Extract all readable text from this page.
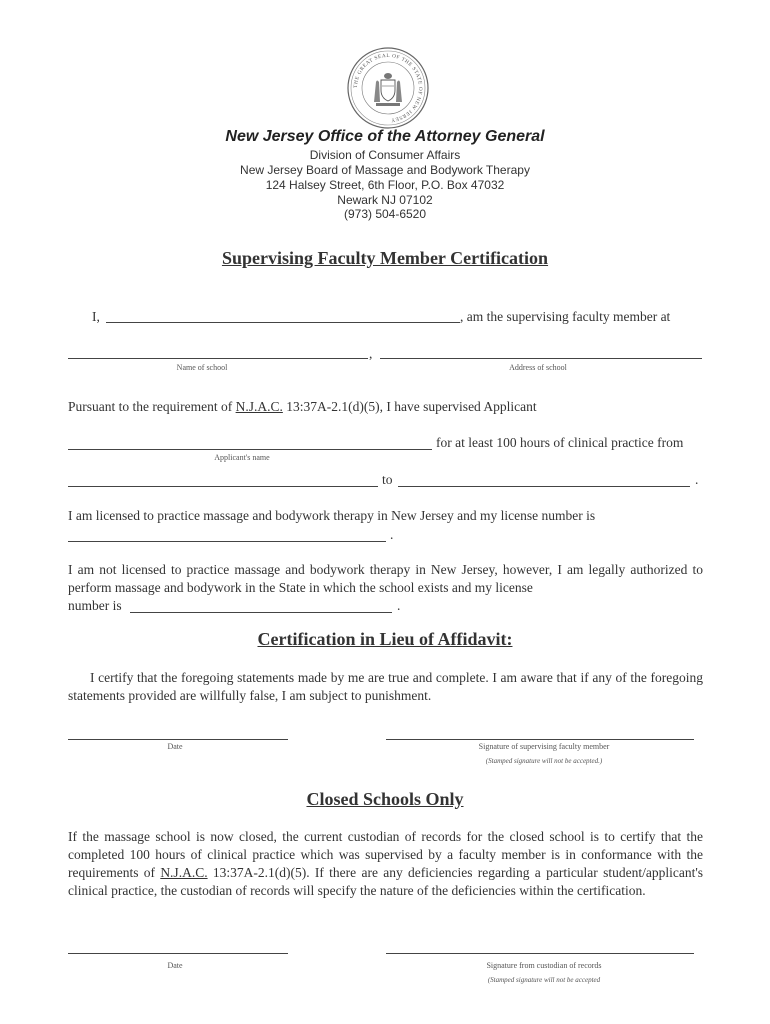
THE GREAT SEAL OF THE STATE OF NEW JERSEY
New Jersey Office of the Attorney General
Division of Consumer Affairs
New Jersey Board of Massage and Bodywork Therapy
124 Halsey Street, 6th Floor, P.O. Box 47032
Newark NJ 07102
(973) 504-6520
Supervising Faculty Member Certification
I,	, am the supervising faculty member at
,
Name of school	Address of school
Pursuant to the requirement of N.J.A.C. 13:37A-2.1(d)(5), I have supervised Applicant
for at least 100 hours of clinical practice from
Applicant's name
to	.
I am licensed to practice massage and bodywork therapy in New Jersey and my license number is
.
I am not licensed to practice massage and bodywork therapy in New Jersey, however, I am legally authorized to perform massage and bodywork in the State in which the school exists and my license
number is	.
Certification in Lieu of Affidavit:
I certify that the foregoing statements made by me are true and complete. I am aware that if any of the foregoing statements provided are willfully false, I am subject to punishment.
Date	Signature of supervising faculty member
(Stamped signature will not be accepted.)
Closed Schools Only
If the massage school is now closed, the current custodian of records for the closed school is to certify that the completed 100 hours of clinical practice which was supervised by a faculty member is in conformance with the requirements of N.J.A.C. 13:37A-2.1(d)(5). If there are any deficiencies regarding a particular student/applicant's clinical practice, the custodian of records will specify the nature of the deficiencies within the certification.
Date	Signature from custodian of records
(Stamped signature will not be accepted
